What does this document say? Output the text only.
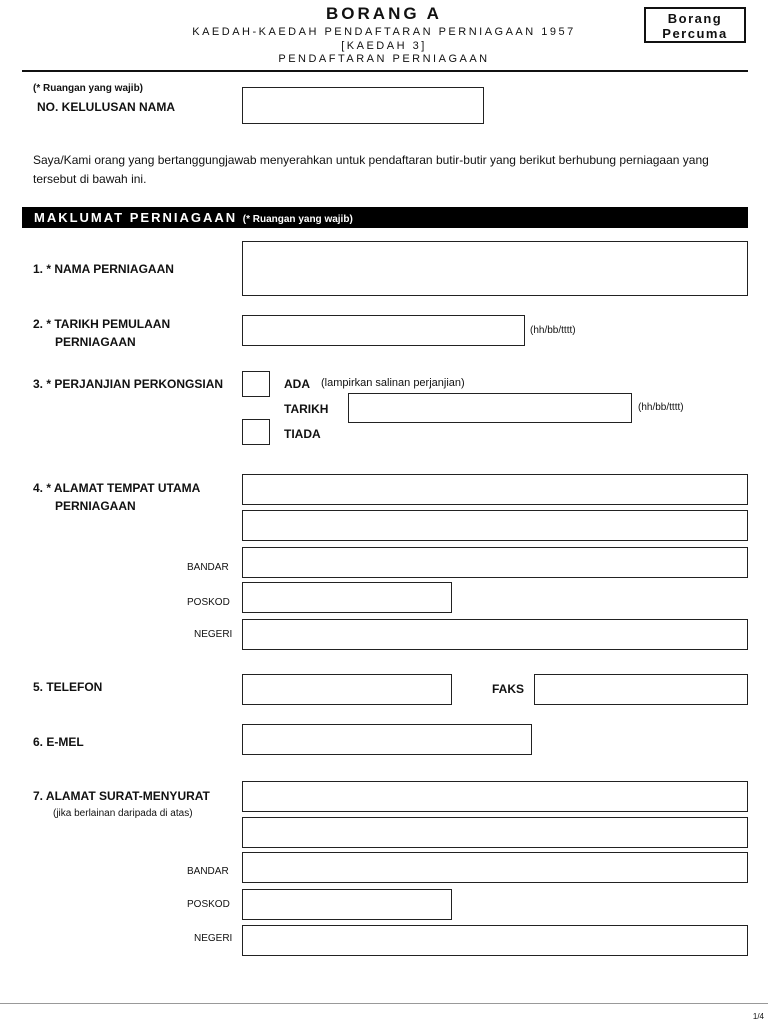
BORANG A
KAEDAH-KAEDAH PENDAFTARAN PERNIAGAAN 1957
[KAEDAH 3]
PENDAFTARAN PERNIAGAAN
Borang
Percuma
(* Ruangan yang wajib)
NO. KELULUSAN NAMA
Saya/Kami orang yang bertanggungjawab menyerahkan untuk pendaftaran butir-butir yang berikut berhubung perniagaan yang tersebut di bawah ini.
MAKLUMAT PERNIAGAAN (* Ruangan yang wajib)
1. * NAMA PERNIAGAAN
2. * TARIKH PEMULAAN
PERNIAGAAN
(hh/bb/tttt)
3. * PERJANJIAN PERKONGSIAN	ADA (lampirkan salinan perjanjian)
TARIKH	(hh/bb/tttt)
TIADA
4. * ALAMAT TEMPAT UTAMA
PERNIAGAAN
BANDAR
POSKOD
NEGERI
5. TELEFON	FAKS
6. E-MEL
7. ALAMAT SURAT-MENYURAT
(jika berlainan daripada di atas)
BANDAR
POSKOD
NEGERI
1/4
